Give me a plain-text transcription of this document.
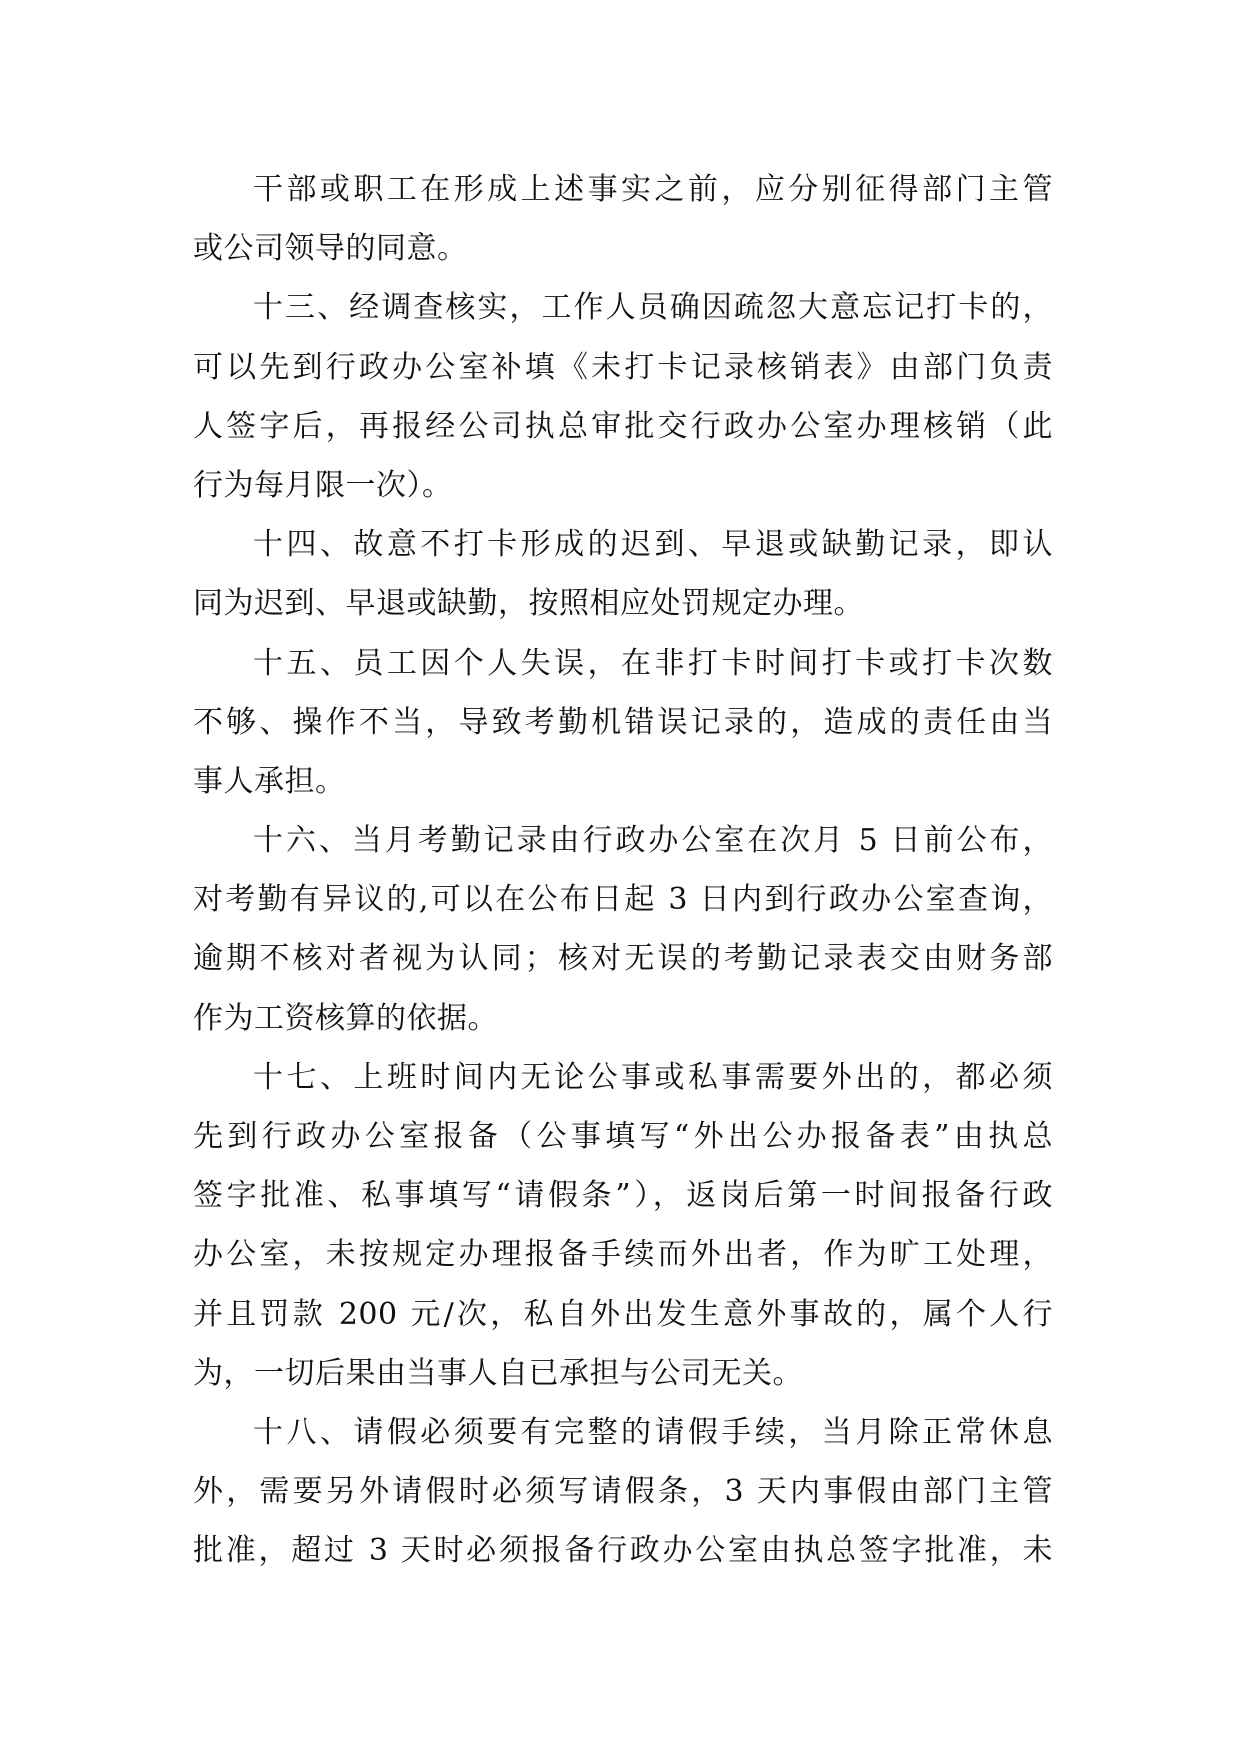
干部或职工在形成上述事实之前，应分别征得部门主管
或公司领导的同意。
十三、经调查核实，工作人员确因疏忽大意忘记打卡的，
可以先到行政办公室补填《未打卡记录核销表》由部门负责
人签字后，再报经公司执总审批交行政办公室办理核销（此
行为每月限一次）。
十四、故意不打卡形成的迟到、早退或缺勤记录，即认
同为迟到、早退或缺勤，按照相应处罚规定办理。
十五、员工因个人失误，在非打卡时间打卡或打卡次数
不够、操作不当，导致考勤机错误记录的，造成的责任由当
事人承担。
十六、当月考勤记录由行政办公室在次月 5 日前公布，
对考勤有异议的,可以在公布日起 3 日内到行政办公室查询，
逾期不核对者视为认同；核对无误的考勤记录表交由财务部
作为工资核算的依据。
十七、上班时间内无论公事或私事需要外出的，都必须
先到行政办公室报备（公事填写“外出公办报备表”由执总
签字批准、私事填写“请假条”），返岗后第一时间报备行政
办公室，未按规定办理报备手续而外出者，作为旷工处理，
并且罚款 200 元/次，私自外出发生意外事故的，属个人行
为，一切后果由当事人自已承担与公司无关。
十八、请假必须要有完整的请假手续，当月除正常休息
外，需要另外请假时必须写请假条，3 天内事假由部门主管
批准，超过 3 天时必须报备行政办公室由执总签字批准，未
